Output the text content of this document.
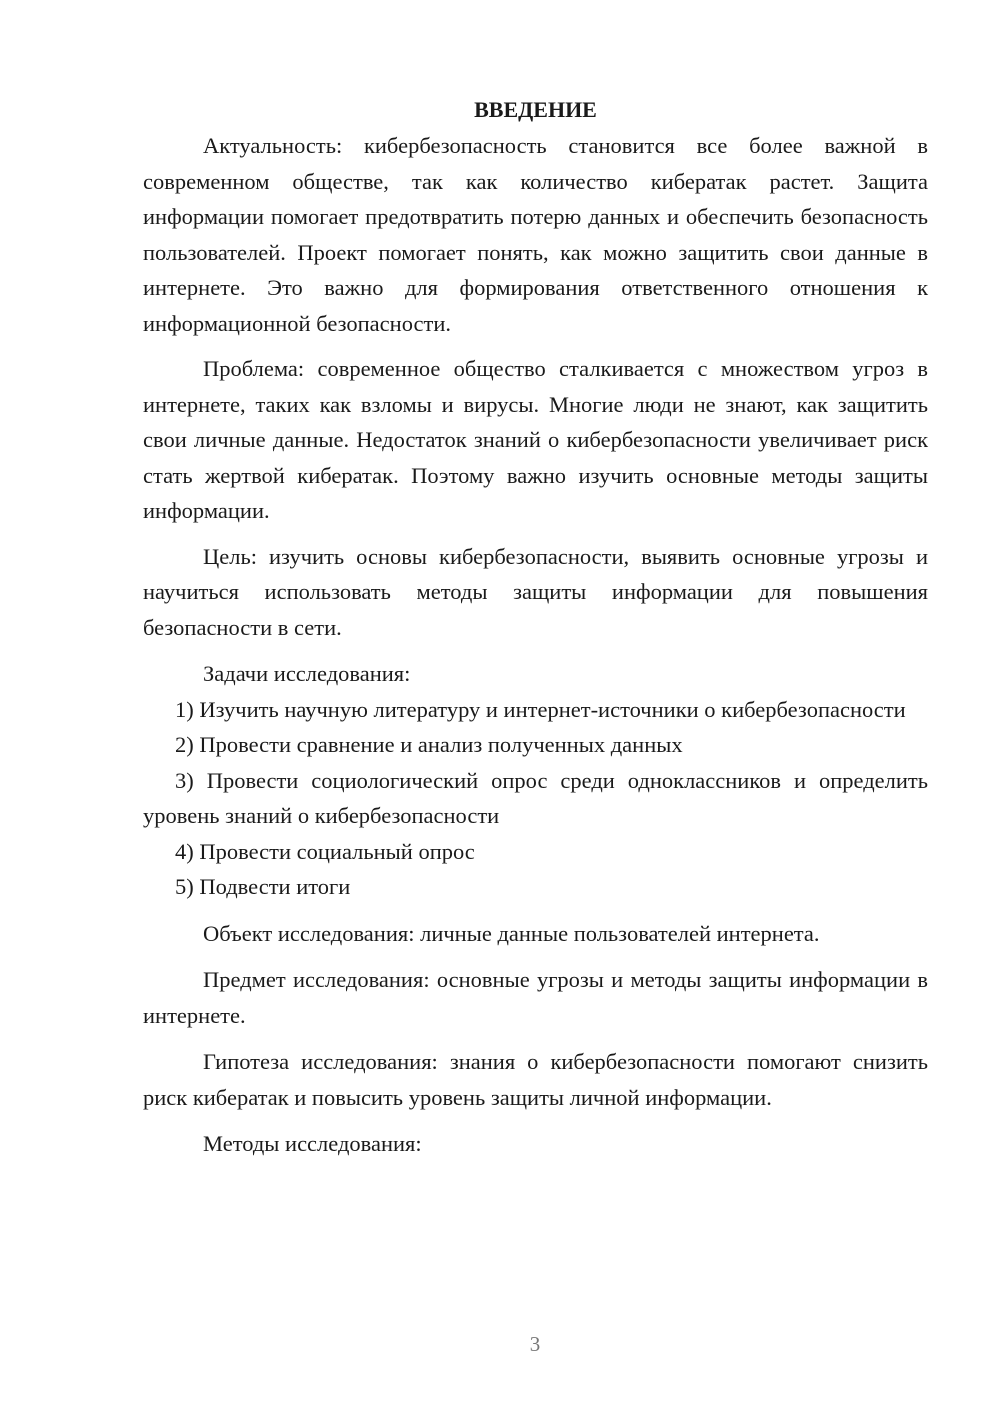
ВВЕДЕНИЕ

Актуальность: кибербезопасность становится все более важной в современном обществе, так как количество кибератак растет. Защита информации помогает предотвратить потерю данных и обеспечить безопасность пользователей. Проект помогает понять, как можно защитить свои данные в интернете. Это важно для формирования ответственного отношения к информационной безопасности.

Проблема: современное общество сталкивается с множеством угроз в интернете, таких как взломы и вирусы. Многие люди не знают, как защитить свои личные данные. Недостаток знаний о кибербезопасности увеличивает риск стать жертвой кибератак. Поэтому важно изучить основные методы защиты информации.

Цель: изучить основы кибербезопасности, выявить основные угрозы и научиться использовать методы защиты информации для повышения безопасности в сети.

Задачи исследования:

1) Изучить научную литературу и интернет-источники о кибербезопасности

2) Провести сравнение и анализ полученных данных

3) Провести социологический опрос среди одноклассников и определить уровень знаний о кибербезопасности

4) Провести социальный опрос

5) Подвести итоги

Объект исследования: личные данные пользователей интернета.

Предмет исследования: основные угрозы и методы защиты информации в интернете.

Гипотеза исследования: знания о кибербезопасности помогают снизить риск кибератак и повысить уровень защиты личной информации.

Методы исследования:

3
